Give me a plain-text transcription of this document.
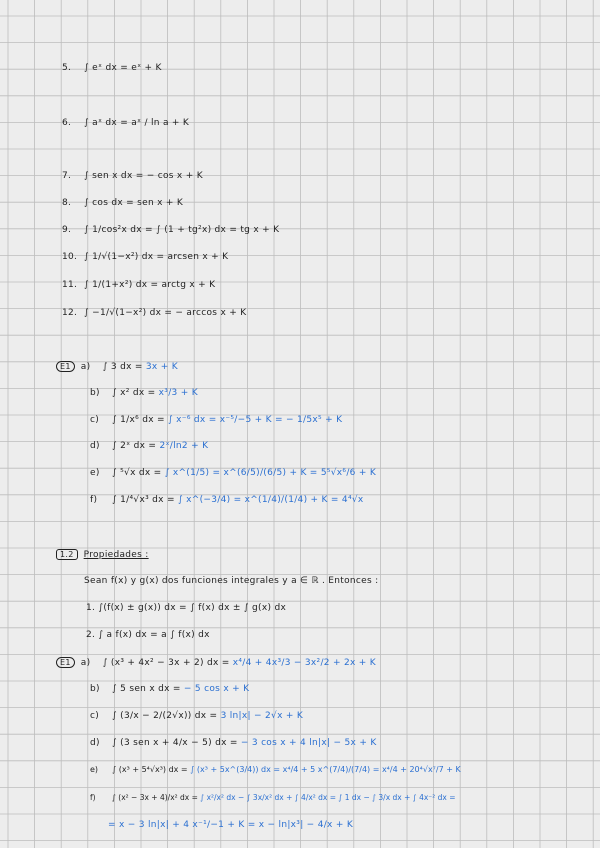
5. ∫ eˣ dx = eˣ + K
6. ∫ aˣ dx = aˣ / ln a + K
7. ∫ sen x dx = − cos x + K
8. ∫ cos dx = sen x + K
9. ∫ 1/cos²x dx = ∫ (1 + tg²x) dx = tg x + K
10. ∫ 1/√(1−x²) dx = arcsen x + K
11. ∫ 1/(1+x²) dx = arctg x + K
12. ∫ −1/√(1−x²) dx = − arccos x + K
E1 a) ∫ 3 dx = 3x + K
b) ∫ x² dx = x³/3 + K
c) ∫ 1/x⁶ dx = ∫ x⁻⁶ dx = x⁻⁵/−5 + K = − 1/5x⁵ + K
d) ∫ 2ˣ dx = 2ˣ/ln2 + K
e) ∫ ⁵√x dx = ∫ x^(1/5) = x^(6/5)/(6/5) + K = 5⁵√x⁶/6 + K
f) ∫ 1/⁴√x³ dx = ∫ x^(−3/4) = x^(1/4)/(1/4) + K = 4⁴√x
1.2 Propiedades :
Sean f(x) y g(x) dos funciones integrales y a ∈ ℝ . Entonces :
1. ∫(f(x) ± g(x)) dx = ∫ f(x) dx ± ∫ g(x) dx
2. ∫ a f(x) dx = a ∫ f(x) dx
E1 a) ∫ (x³ + 4x² − 3x + 2) dx = x⁴/4 + 4x³/3 − 3x²/2 + 2x + K
b) ∫ 5 sen x dx = − 5 cos x + K
c) ∫ (3/x − 2/(2√x)) dx = 3 ln|x| − 2√x + K
d) ∫ (3 sen x + 4/x − 5) dx = − 3 cos x + 4 ln|x| − 5x + K
e) ∫ (x³ + 5⁴√x³) dx = ∫ (x³ + 5x^(3/4)) dx = x⁴/4 + 5 x^(7/4)/(7/4) = x⁴/4 + 20⁴√x⁷/7 + K
f) ∫ (x² − 3x + 4)/x² dx = ∫ x²/x² dx − ∫ 3x/x² dx + ∫ 4/x² dx = ∫ 1 dx − ∫ 3/x dx + ∫ 4x⁻² dx =
= x − 3 ln|x| + 4 x⁻¹/−1 + K = x − ln|x³| − 4/x + K
